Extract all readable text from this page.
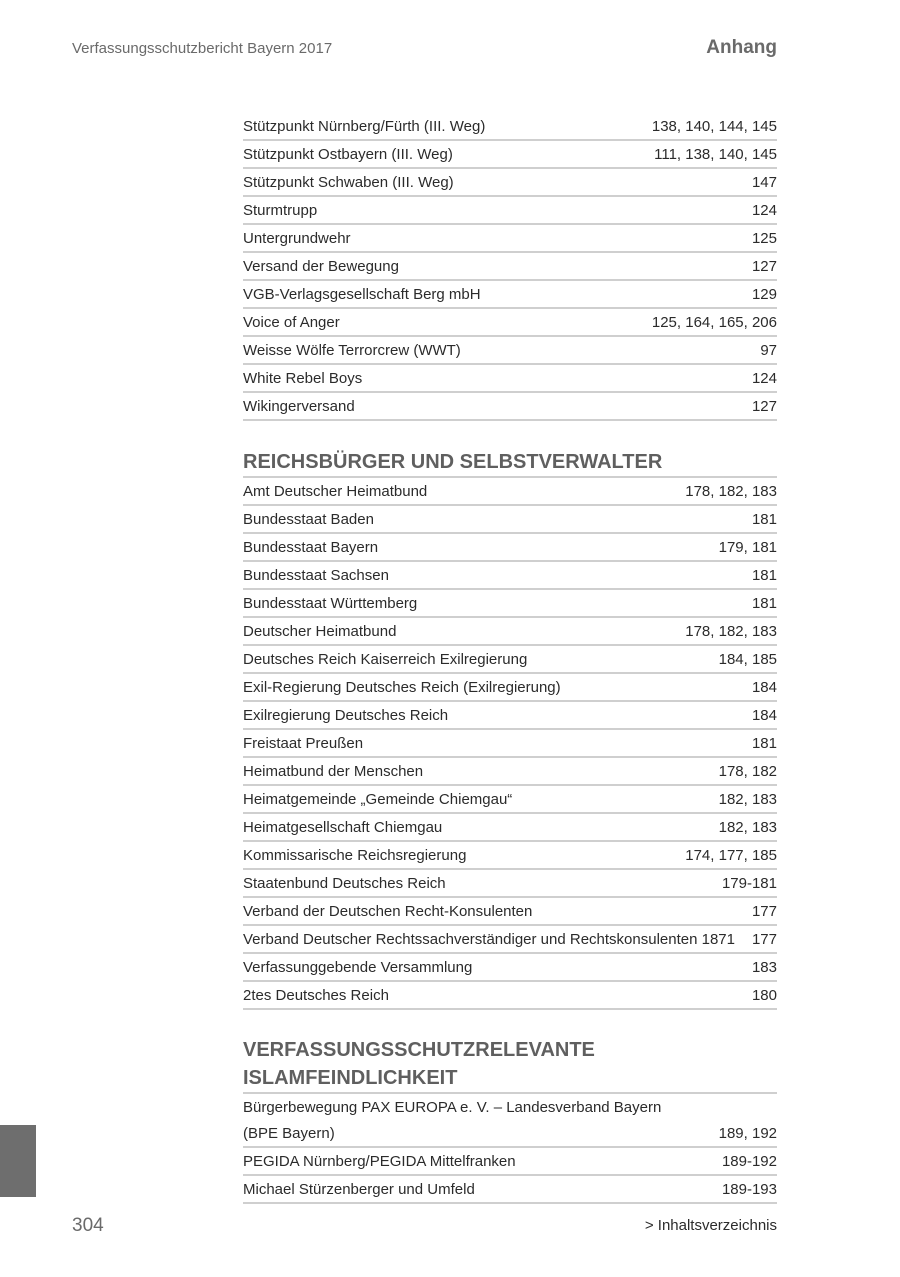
Verfassungsschutzbericht Bayern 2017	Anhang
Stützpunkt Nürnberg/Fürth (III. Weg)	138, 140, 144, 145
Stützpunkt Ostbayern (III. Weg)	111, 138, 140, 145
Stützpunkt Schwaben (III. Weg)	147
Sturmtrupp	124
Untergrundwehr	125
Versand der Bewegung	127
VGB-Verlagsgesellschaft Berg mbH	129
Voice of Anger	125, 164, 165, 206
Weisse Wölfe Terrorcrew (WWT)	97
White Rebel Boys	124
Wikingerversand	127
REICHSBÜRGER UND SELBSTVERWALTER
Amt Deutscher Heimatbund	178, 182, 183
Bundesstaat Baden	181
Bundesstaat Bayern	179, 181
Bundesstaat Sachsen	181
Bundesstaat Württemberg	181
Deutscher Heimatbund	178, 182, 183
Deutsches Reich Kaiserreich Exilregierung	184, 185
Exil-Regierung Deutsches Reich (Exilregierung)	184
Exilregierung Deutsches Reich	184
Freistaat Preußen	181
Heimatbund der Menschen	178, 182
Heimatgemeinde „Gemeinde Chiemgau“	182, 183
Heimatgesellschaft Chiemgau	182, 183
Kommissarische Reichsregierung	174, 177, 185
Staatenbund Deutsches Reich	179-181
Verband der Deutschen Recht-Konsulenten	177
Verband Deutscher Rechtssachverständiger und Rechtskonsulenten 1871	177
Verfassunggebende Versammlung	183
2tes Deutsches Reich	180
VERFASSUNGSSCHUTZRELEVANTE
ISLAMFEINDLICHKEIT
Bürgerbewegung PAX EUROPA e. V. – Landesverband Bayern
(BPE Bayern)	189, 192
PEGIDA Nürnberg/PEGIDA Mittelfranken	189-192
Michael Stürzenberger und Umfeld	189-193
304	> Inhaltsverzeichnis
